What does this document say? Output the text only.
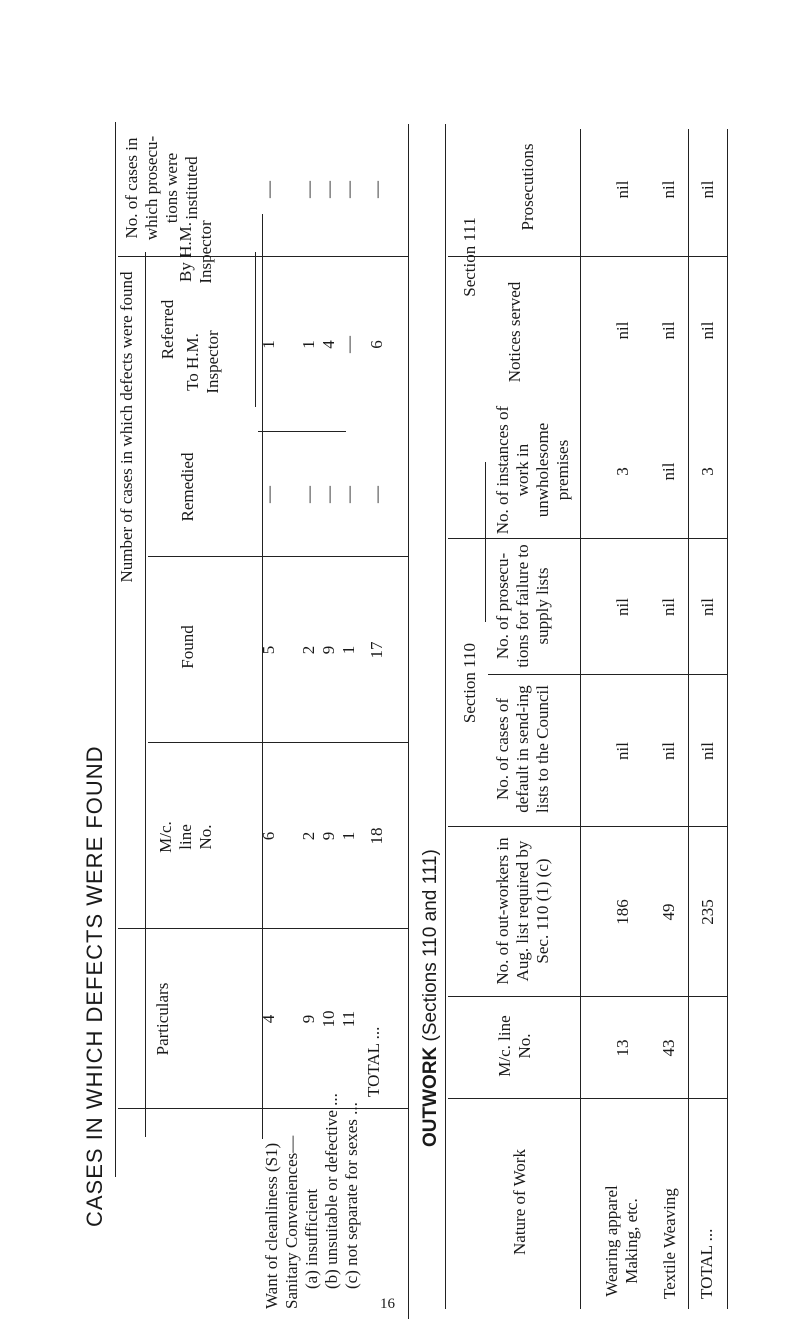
CASES IN WHICH DEFECTS WERE FOUND	Particulars
M/c. line No.
Number of cases in which defects were found
Found
Remedied
Referred
To H.M. Inspector
By H.M. Inspector
No. of cases in which prosecu-tions were instituted
Want of cleanliness (S1) Sanitary Conveniences— (a) insufficient (b) unsuitable or defective ... (c) not separate for sexes ...
TOTAL ...
4 9 10 11
6 2 9 1 18
5 2 9 1 17
— — — — —
1 1 4 — 6
— — — — —
OUTWORK (Sections 110 and 111)
Nature of Work
M/c. line No.
No. of out-workers in Aug. list required by Sec. 110 (1) (c)
Section 110
No. of cases of default in send-ing lists to the Council
No. of prosecu-tions for failure to supply lists
Section 111
No. of instances of work in unwholesome premises
Notices served
Prosecutions
Wearing apparel Making, etc. Textile Weaving TOTAL ...
13 43
186 49 235
nil nil nil
nil nil nil
3 nil 3
nil nil nil
nil nil nil
16
